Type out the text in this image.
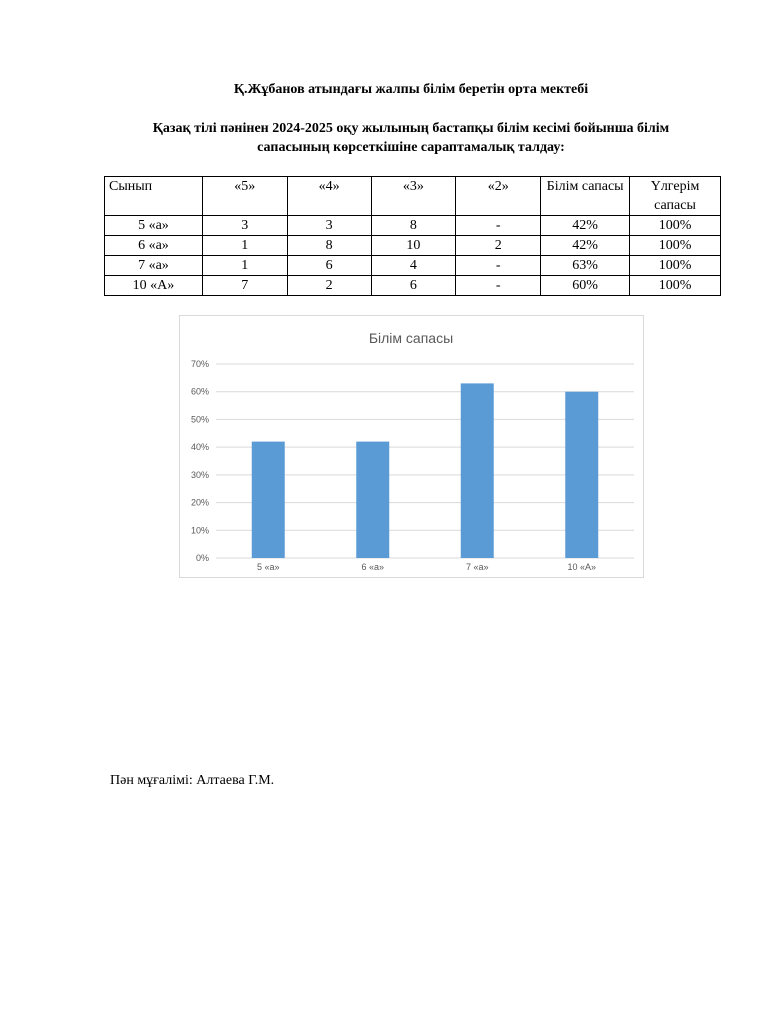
Қ.Жұбанов атындағы жалпы білім беретін орта мектебі
Қазақ тілі пәнінен 2024-2025 оқу жылының бастапқы білім кесімі бойынша білім
сапасының көрсеткішіне сараптамалық талдау:
Сынып	«5»	«4»	«3»	«2»	Білім сапасы	Үлгерім сапасы
5 «а»	3	3	8	-	42%	100%
6 «а»	1	8	10	2	42%	100%
7 «а»	1	6	4	-	63%	100%
10 «А»	7	2	6	-	60%	100%
Білім сапасы
0%
10%
20%
30%
40%
50%
60%
70%
5 «а»	6 «а»	7 «а»	10 «А»
Пән мұғалімі: Алтаева Г.М.
